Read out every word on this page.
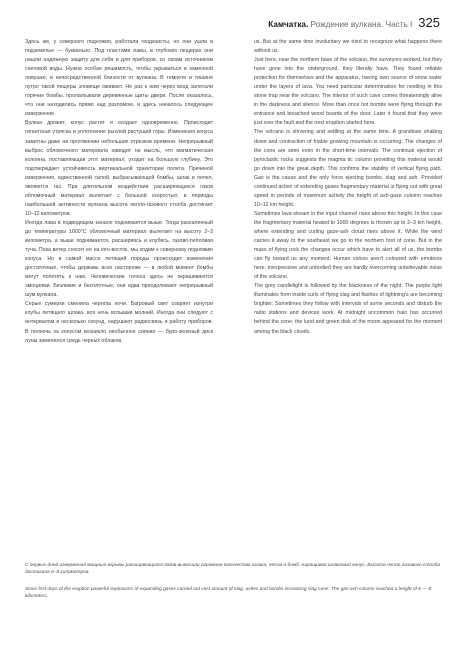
Камчатка. Рождение вулкана. Часть I 325

Здесь же, у северного подножия, работали геодезисты, но они ушли в подземелье — буквально. Под пластами лавы, в глубоких пещерах они нашли надежную защиту для себя и для приборов, со своим источником снеговой воды. Нужна особая решимость, чтобы укрываться в каменной ловушке, в непосредственной близости от вулкана. В темноте и тишине нутро такой пещеры зловеще оживает. Не раз к ним через вход залетали горячие бомбы, пролamывали деревянные щиты двери. После оказалось, что они находились прямо над разломом, и здесь началось следующее извержение.

Вулкан дрожит, конус растет и оседает одновременно. Происходит гигантская утряска и уплотнение рыхлой растущей горы. Изменения конуса заметны даже на протяжении небольших отрезков времени. Непрерывный выброс обломочного материала наводит на мысль, что магматическая колонна, поставляющая этот материал, уходит на большую глубину. Это подтверждает устойчивость вертикальной траектории полета. Причиной извержения, единственной силой, выбрасывающей бомбы, шлак и пепел, являются газ. При длительном воздействии расширяющихся газов обломочный материал вылетает с большой скоростью; в периоды наибольшей активности вулкана высота пепло-газового столба достигает 10–12 километров.

Иногда лава в подводящем канале поднимается выше. Тогда раскаленный до температуры 1000°С обломочный материал вылетает на высоту 2–3 километра, а выше поднимается, расширяясь и клубясь, газово-пепловая туча. Пока ветер сносит ее на юго-восток, мы ходим к северному подножию конуса. Но в самой массе летящей породы происходит изменения достаточные, чтобы державь всех насторожe — в любой момент бомбы могут полететь к нам. Человеческие голоса здесь не окрашиваются эмоциями. Безликие и бесплотные, они едва преодолевают непрерывный шум вулкана.

Серые сумерки сменила черноta ночи. Багровый свет озаряет изнутри клубы летящего шлака, вся ночь вспышки молний. Иногда они следуют с интервалом в несколько секунд, нарушают радиосвязь и работу приборов. В полночь за конусом возникло необычное сияние — буро-зеленый диск луны заменился средь черных облаков.

us. But at the same time involuntary we tried to recognize what happens there without us.

Just here, near the northern base of the volcano, the surveyors worked, but they have gone into the underground, they literally have. They found reliable protection for themselves and the apparatus, having own source of snow water under the layers of lava. You need particular determination for nestling in this stone trap near the volcano. The interior of such cave comes threateningly alive in the darkness and silence. More than once hot bombs were flying through the entrance and breached wood boards of the door. Later it found that they were just over the fault and the next eruption started here.

The volcano is shivering and settling at the same time. A grandiose shaking down and contraction of friable growing mountain is occurring. The changes of the cone are seen even in the short-time intervals. The continual ejection of pyroclastic rocks suggests the magma tic column providing this material would go down into the great depth. This confirms the stability of vertical flying path. Gas is the cause and the only force ejecting bombs, slag and ash. Provided continued action of extending gases fragmentary material is flying out with great speed in periods of maximum activity the height of ash-gaze column reaches 10–12 km height.

Sometimes lava-stream in the input channel rises above this height. In this case the fragmentary material heated to 1000 degrees is thrown up to 2–3 km height, where extending and curling gaze-ash cloud rises above it. While the wind carries it away to the southeast we go to the northern foot of cone. But in the mass of flying rock the changes occur which have to alert all of us, the bombs can fly toward us any moment. Human voices aren't coloured with emotions here. Inexpressive and unbodied they are hardly overcoming unbelievable noise of the volcano.

The grey candlelight is followed by the blackness of the night. The purple light illuminates from inside curls of flying slag and flashes of lightning's are becoming brighter. Sometimes they follow with intervals of some seconds and disturb the radio stations and devices work. At midnight uncommon halo has occurred behind the cone, the lurid and green disk of the moon appeared for the moment among the black clouds.

С первых дней извержения мощные взрывы расширяющихся газов выносили огромное количество шлака, пепла и бомб, наращивая шлаковый конус. Высота пепло-газового столба достигала 6–8 километров.

Since first days of the eruption powerful explosions of expanding gases carried out vast amount of slag, ashes and bombs increasing slag cone. The gas-ash column reached a height of 6 — 8 kilometers.
